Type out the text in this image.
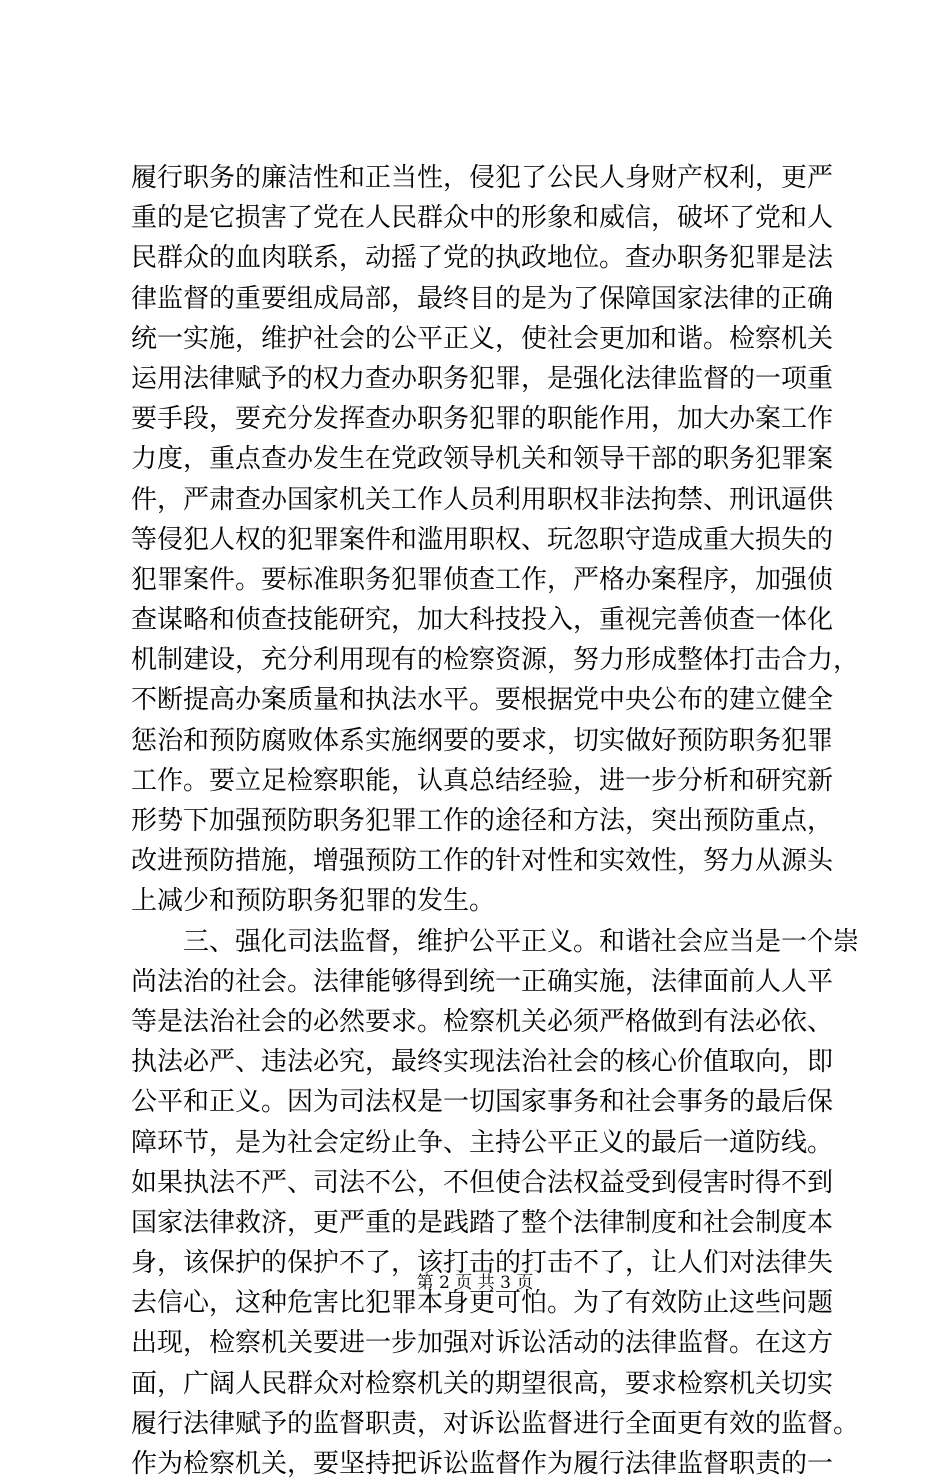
履行职务的廉洁性和正当性，侵犯了公民人身财产权利，更严
重的是它损害了党在人民群众中的形象和威信，破坏了党和人
民群众的血肉联系，动摇了党的执政地位。查办职务犯罪是法
律监督的重要组成局部，最终目的是为了保障国家法律的正确
统一实施，维护社会的公平正义，使社会更加和谐。检察机关
运用法律赋予的权力查办职务犯罪，是强化法律监督的一项重
要手段，要充分发挥查办职务犯罪的职能作用，加大办案工作
力度，重点查办发生在党政领导机关和领导干部的职务犯罪案
件，严肃查办国家机关工作人员利用职权非法拘禁、刑讯逼供
等侵犯人权的犯罪案件和滥用职权、玩忽职守造成重大损失的
犯罪案件。要标准职务犯罪侦查工作，严格办案程序，加强侦
查谋略和侦查技能研究，加大科技投入，重视完善侦查一体化
机制建设，充分利用现有的检察资源，努力形成整体打击合力，
不断提高办案质量和执法水平。要根据党中央公布的建立健全
惩治和预防腐败体系实施纲要的要求，切实做好预防职务犯罪
工作。要立足检察职能，认真总结经验，进一步分析和研究新
形势下加强预防职务犯罪工作的途径和方法，突出预防重点，
改进预防措施，增强预防工作的针对性和实效性，努力从源头
上减少和预防职务犯罪的发生。
　　三、强化司法监督，维护公平正义。和谐社会应当是一个崇
尚法治的社会。法律能够得到统一正确实施，法律面前人人平
等是法治社会的必然要求。检察机关必须严格做到有法必依、
执法必严、违法必究，最终实现法治社会的核心价值取向，即
公平和正义。因为司法权是一切国家事务和社会事务的最后保
障环节，是为社会定纷止争、主持公平正义的最后一道防线。
如果执法不严、司法不公，不但使合法权益受到侵害时得不到
国家法律救济，更严重的是践踏了整个法律制度和社会制度本
身，该保护的保护不了，该打击的打击不了，让人们对法律失
去信心，这种危害比犯罪本身更可怕。为了有效防止这些问题
出现，检察机关要进一步加强对诉讼活动的法律监督。在这方
面，广阔人民群众对检察机关的期望很高，要求检察机关切实
履行法律赋予的监督职责，对诉讼监督进行全面更有效的监督。
作为检察机关，要坚持把诉讼监督作为履行法律监督职责的一
第 2 页 共 3 页
